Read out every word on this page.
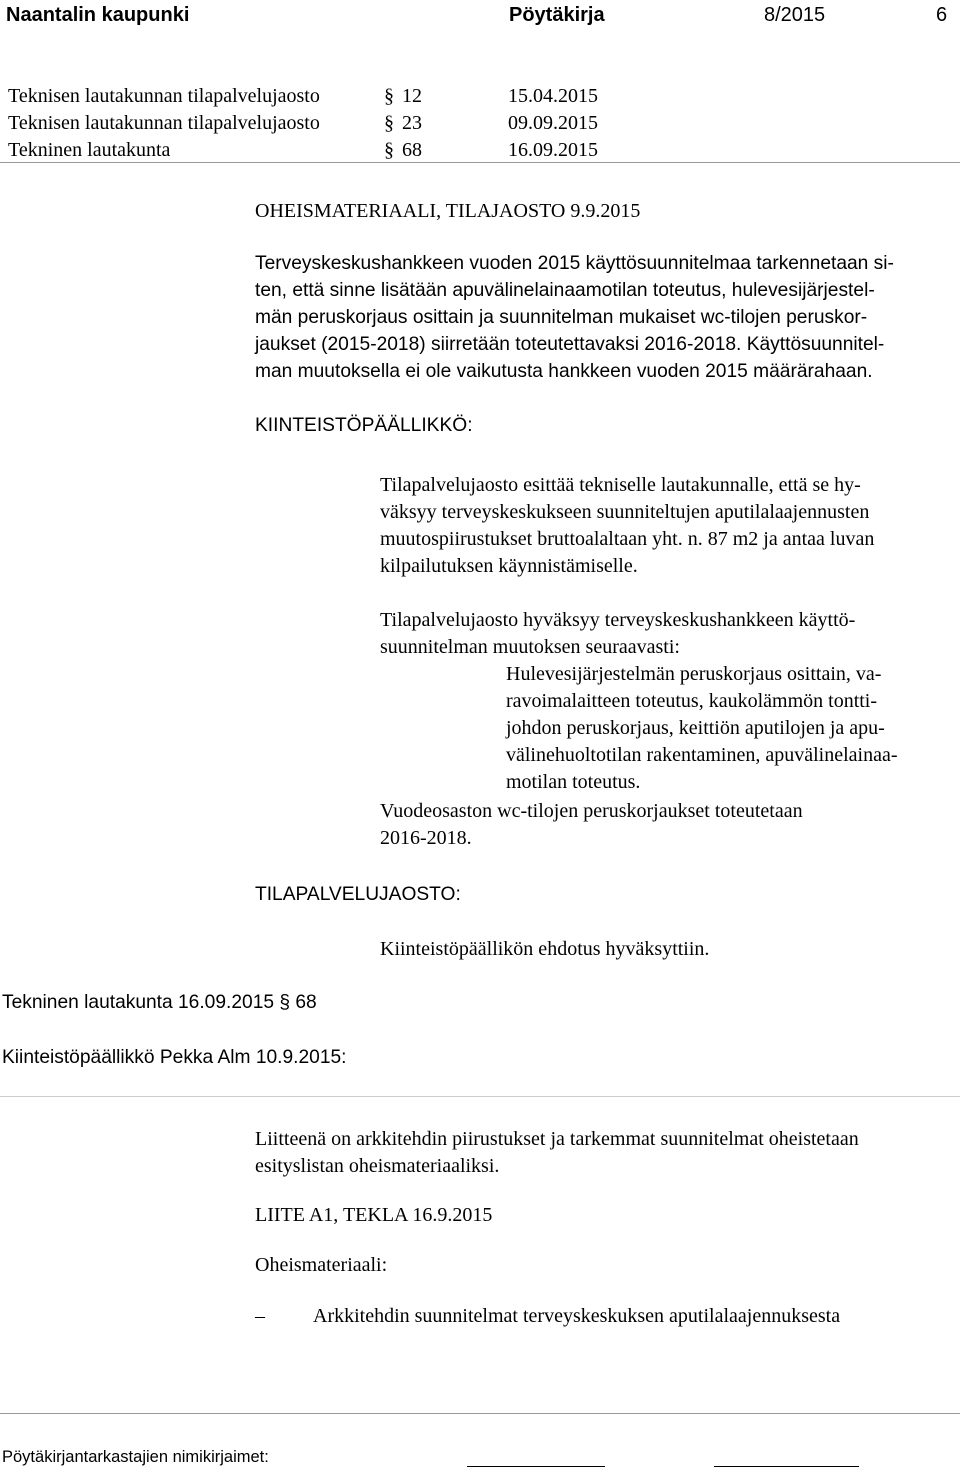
Naantalin kaupunki	Pöytäkirja	8/2015	6
Teknisen lautakunnan tilapalvelujaosto	§ 12	15.04.2015
Teknisen lautakunnan tilapalvelujaosto	§ 23	09.09.2015
Tekninen lautakunta	§ 68	16.09.2015
OHEISMATERIAALI, TILAJAOSTO 9.9.2015
Terveyskeskushankkeen vuoden 2015 käyttösuunnitelmaa tarkennetaan si-
ten, että sinne lisätään apuvälinelainaamotilan toteutus, hulevesijärjestel-
män peruskorjaus osittain ja suunnitelman mukaiset wc-tilojen peruskor-
jaukset (2015-2018) siirretään toteutettavaksi 2016-2018. Käyttösuunnitel-
man muutoksella ei ole vaikutusta hankkeen vuoden 2015 määrärahaan.
KIINTEISTÖPÄÄLLIKKÖ:
Tilapalvelujaosto esittää tekniselle lautakunnalle, että se hy-
väksyy terveyskeskukseen suunniteltujen aputilalaajennusten
muutospiirustukset bruttoalaltaan yht. n. 87 m2 ja antaa luvan
kilpailutuksen käynnistämiselle.
Tilapalvelujaosto hyväksyy terveyskeskushankkeen käyttö-
suunnitelman muutoksen seuraavasti:
Hulevesijärjestelmän peruskorjaus osittain, va-
ravoimalaitteen toteutus, kaukolämmön tontti-
johdon peruskorjaus, keittiön aputilojen ja apu-
välinehuoltotilan rakentaminen, apuvälinelainaa-
motilan toteutus.
Vuodeosaston wc-tilojen peruskorjaukset toteutetaan
2016-2018.
TILAPALVELUJAOSTO:
Kiinteistöpäällikön ehdotus hyväksyttiin.
Tekninen lautakunta 16.09.2015 § 68
Kiinteistöpäällikkö Pekka Alm 10.9.2015:
Liitteenä on arkkitehdin piirustukset ja tarkemmat suunnitelmat oheistetaan
esityslistan oheismateriaaliksi.
LIITE A1, TEKLA 16.9.2015
Oheismateriaali:
– Arkkitehdin suunnitelmat terveyskeskuksen aputilalaajennuksesta
Pöytäkirjantarkastajien nimikirjaimet:
